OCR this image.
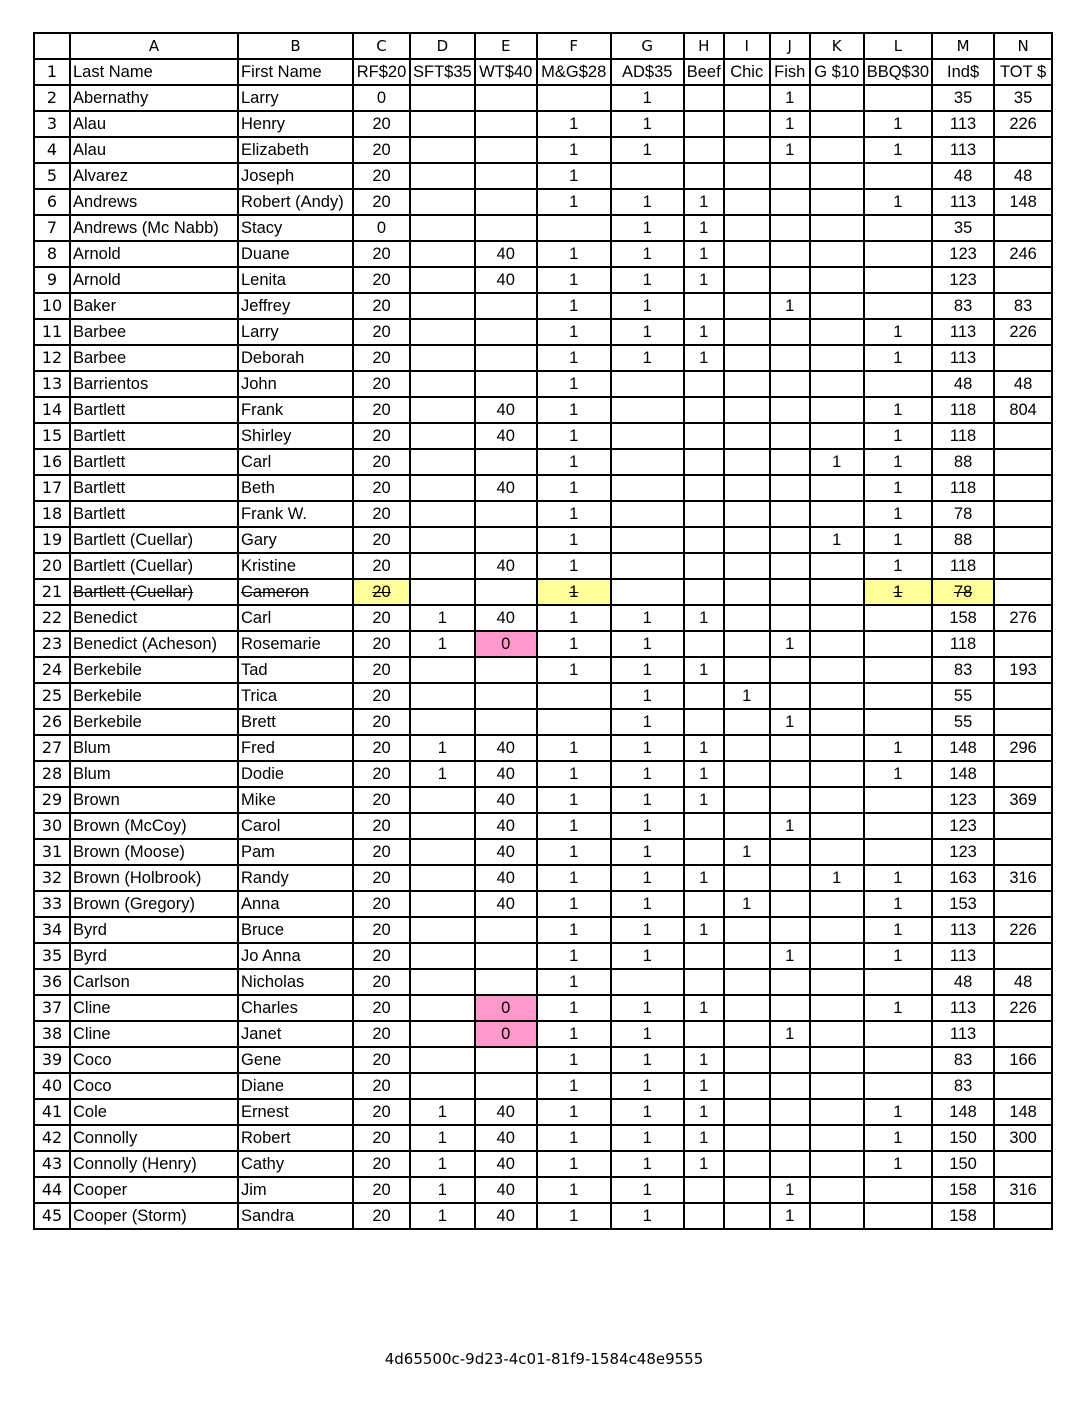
	A	B	C	D	E	F	G	H	I	J	K	L	M	N
1	Last Name	First Name	RF$20	SFT$35	WT$40	M&G$28	AD$35	Beef	Chic	Fish	G $10	BBQ$30	Ind$	TOT $
2	Abernathy	Larry	0				1			1			35	35
3	Alau	Henry	20			1	1			1		1	113	226
4	Alau	Elizabeth	20			1	1			1		1	113	
5	Alvarez	Joseph	20			1							48	48
6	Andrews	Robert (Andy)	20			1	1	1				1	113	148
7	Andrews (Mc Nabb)	Stacy	0				1	1					35	
8	Arnold	Duane	20		40	1	1	1					123	246
9	Arnold	Lenita	20		40	1	1	1					123	
10	Baker	Jeffrey	20			1	1			1			83	83
11	Barbee	Larry	20			1	1	1				1	113	226
12	Barbee	Deborah	20			1	1	1				1	113	
13	Barrientos	John	20			1							48	48
14	Bartlett	Frank	20		40	1						1	118	804
15	Bartlett	Shirley	20		40	1						1	118	
16	Bartlett	Carl	20			1					1	1	88	
17	Bartlett	Beth	20		40	1						1	118	
18	Bartlett	Frank W.	20			1						1	78	
19	Bartlett (Cuellar)	Gary	20			1					1	1	88	
20	Bartlett (Cuellar)	Kristine	20		40	1						1	118	
21	Bartlett (Cuellar)	Cameron	20			1						1	78	
22	Benedict	Carl	20	1	40	1	1	1					158	276
23	Benedict (Acheson)	Rosemarie	20	1	0	1	1			1			118	
24	Berkebile	Tad	20			1	1	1					83	193
25	Berkebile	Trica	20				1		1				55	
26	Berkebile	Brett	20				1			1			55	
27	Blum	Fred	20	1	40	1	1	1				1	148	296
28	Blum	Dodie	20	1	40	1	1	1				1	148	
29	Brown	Mike	20		40	1	1	1					123	369
30	Brown (McCoy)	Carol	20		40	1	1			1			123	
31	Brown (Moose)	Pam	20		40	1	1		1				123	
32	Brown (Holbrook)	Randy	20		40	1	1	1			1	1	163	316
33	Brown (Gregory)	Anna	20		40	1	1		1			1	153	
34	Byrd	Bruce	20			1	1	1				1	113	226
35	Byrd	Jo Anna	20			1	1			1		1	113	
36	Carlson	Nicholas	20			1							48	48
37	Cline	Charles	20		0	1	1	1				1	113	226
38	Cline	Janet	20		0	1	1			1			113	
39	Coco	Gene	20			1	1	1					83	166
40	Coco	Diane	20			1	1	1					83	
41	Cole	Ernest	20	1	40	1	1	1				1	148	148
42	Connolly	Robert	20	1	40	1	1	1				1	150	300
43	Connolly (Henry)	Cathy	20	1	40	1	1	1				1	150	
44	Cooper	Jim	20	1	40	1	1			1			158	316
45	Cooper (Storm)	Sandra	20	1	40	1	1			1			158	
4d65500c-9d23-4c01-81f9-1584c48e9555
